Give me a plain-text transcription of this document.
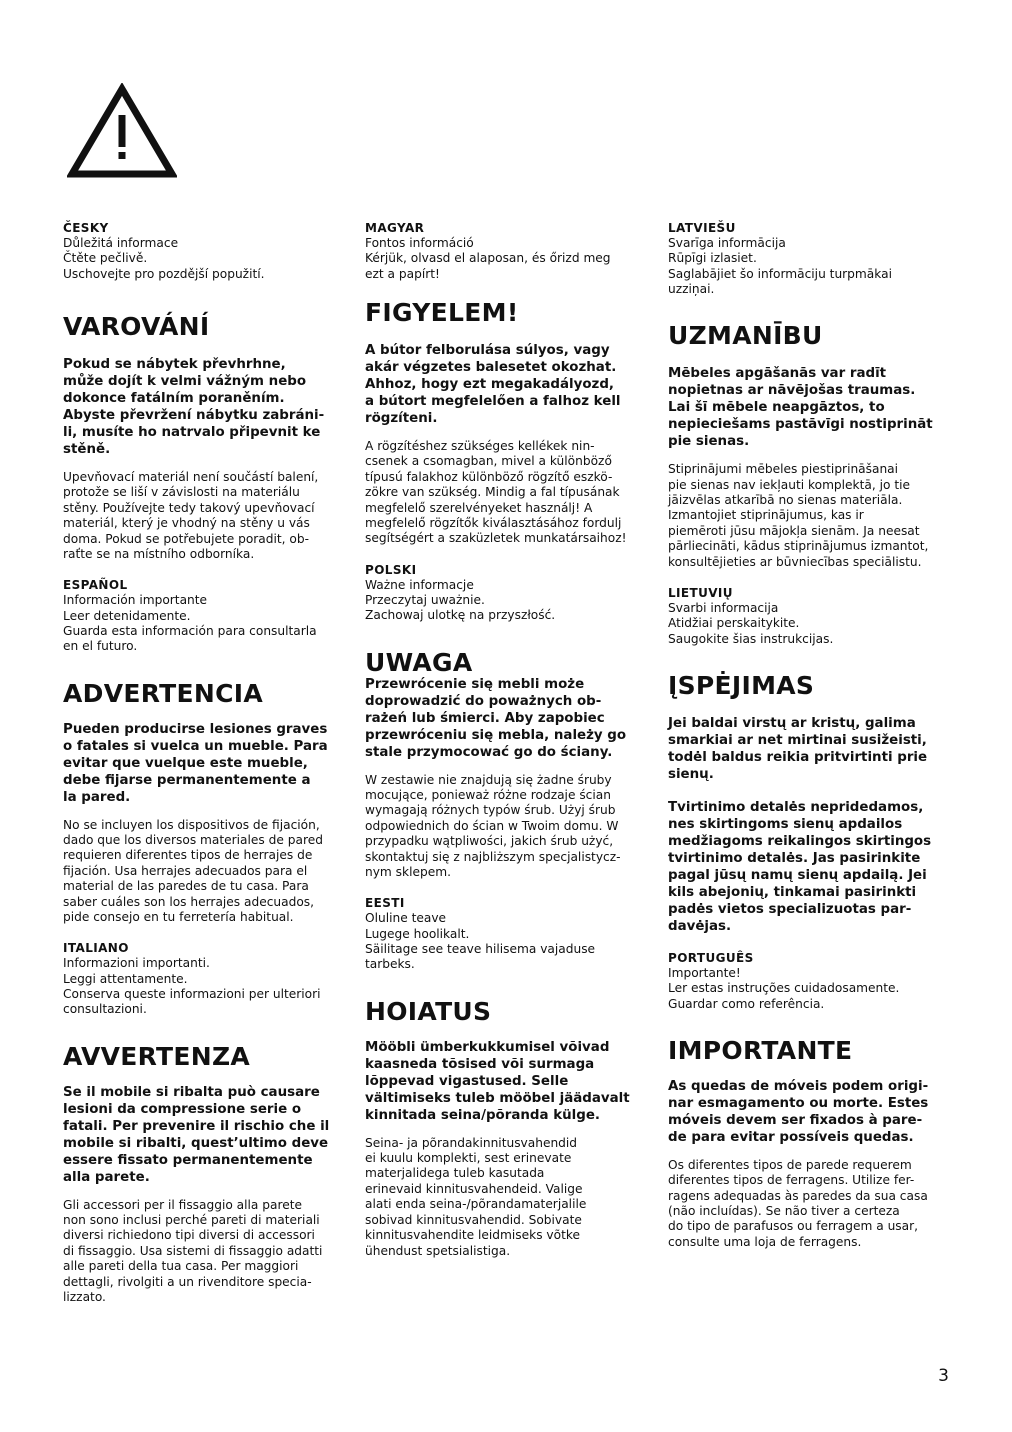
ČESKY
Důležitá informace
Čtěte pečlivě.
Uschovejte pro pozdější popužití.
VAROVÁNÍ
Pokud se nábytek převhrhne,
může dojít k velmi vážným nebo
dokonce fatálním poraněním.
Abyste převržení nábytku zabráni-
li, musíte ho natrvalo připevnit ke
stěně.
Upevňovací materiál není součástí balení,
protože se liší v závislosti na materiálu
stěny. Používejte tedy takový upevňovací
materiál, který je vhodný na stěny u vás
doma. Pokud se potřebujete poradit, ob-
raťte se na místního odborníka.
ESPAÑOL
Información importante
Leer detenidamente.
Guarda esta información para consultarla
en el futuro.
ADVERTENCIA
Pueden producirse lesiones graves
o fatales si vuelca un mueble. Para
evitar que vuelque este mueble,
debe fijarse permanentemente a
la pared.
No se incluyen los dispositivos de fijación,
dado que los diversos materiales de pared
requieren diferentes tipos de herrajes de
fijación. Usa herrajes adecuados para el
material de las paredes de tu casa. Para
saber cuáles son los herrajes adecuados,
pide consejo en tu ferretería habitual.
ITALIANO
Informazioni importanti.
Leggi attentamente.
Conserva queste informazioni per ulteriori
consultazioni.
AVVERTENZA
Se il mobile si ribalta può causare
lesioni da compressione serie o
fatali. Per prevenire il rischio che il
mobile si ribalti, quest’ultimo deve
essere fissato permanentemente
alla parete.
Gli accessori per il fissaggio alla parete
non sono inclusi perché pareti di materiali
diversi richiedono tipi diversi di accessori
di fissaggio. Usa sistemi di fissaggio adatti
alle pareti della tua casa. Per maggiori
dettagli, rivolgiti a un rivenditore specia-
lizzato.
MAGYAR
Fontos információ
Kérjük, olvasd el alaposan, és őrizd meg
ezt a papírt!
FIGYELEM!
A bútor felborulása súlyos, vagy
akár végzetes balesetet okozhat.
Ahhoz, hogy ezt megakadályozd,
a bútort megfelelően a falhoz kell
rögzíteni.
A rögzítéshez szükséges kellékek nin-
csenek a csomagban, mivel a különböző
típusú falakhoz különböző rögzítő eszkö-
zökre van szükség. Mindig a fal típusának
megfelelő szerelvényeket használj! A
megfelelő rögzítők kiválasztásához fordulj
segítségért a szaküzletek munkatársaihoz!
POLSKI
Ważne informacje
Przeczytaj uważnie.
Zachowaj ulotkę na przyszłość.
UWAGA
Przewrócenie się mebli może
doprowadzić do poważnych ob-
rażeń lub śmierci. Aby zapobiec
przewróceniu się mebla, należy go
stale przymocować go do ściany.
W zestawie nie znajdują się żadne śruby
mocujące, ponieważ różne rodzaje ścian
wymagają różnych typów śrub. Użyj śrub
odpowiednich do ścian w Twoim domu. W
przypadku wątpliwości, jakich śrub użyć,
skontaktuj się z najbliższym specjalistycz-
nym sklepem.
EESTI
Oluline teave
Lugege hoolikalt.
Säilitage see teave hilisema vajaduse
tarbeks.
HOIATUS
Mööbli ümberkukkumisel võivad
kaasneda tõsised või surmaga
lõppevad vigastused. Selle
vältimiseks tuleb mööbel jäädavalt
kinnitada seina/põranda külge.
Seina- ja põrandakinnitusvahendid
ei kuulu komplekti, sest erinevate
materjalidega tuleb kasutada
erinevaid kinnitusvahendeid. Valige
alati enda seina-/põrandamaterjalile
sobivad kinnitusvahendid. Sobivate
kinnitusvahendite leidmiseks võtke
ühendust spetsialistiga.
LATVIEŠU
Svarīga informācija
Rūpīgi izlasiet.
Saglabājiet šo informāciju turpmākai
uzziņai.
UZMANĪBU
Mēbeles apgāšanās var radīt
nopietnas ar nāvējošas traumas.
Lai šī mēbele neapgāztos, to
nepieciešams pastāvīgi nostiprināt
pie sienas.
Stiprinājumi mēbeles piestiprināšanai
pie sienas nav iekļauti komplektā, jo tie
jāizvēlas atkarībā no sienas materiāla.
Izmantojiet stiprinājumus, kas ir
piemēroti jūsu mājokļa sienām. Ja neesat
pārliecināti, kādus stiprinājumus izmantot,
konsultējieties ar būvniecības speciālistu.
LIETUVIŲ
Svarbi informacija
Atidžiai perskaitykite.
Saugokite šias instrukcijas.
ĮSPĖJIMAS
Jei baldai virstų ar kristų, galima
smarkiai ar net mirtinai susižeisti,
todėl baldus reikia pritvirtinti prie
sienų.
Tvirtinimo detalės nepridedamos,
nes skirtingoms sienų apdailos
medžiagoms reikalingos skirtingos
tvirtinimo detalės. Jas pasirinkite
pagal jūsų namų sienų apdailą. Jei
kils abejonių, tinkamai pasirinkti
padės vietos specializuotas par-
davėjas.
PORTUGUÊS
Importante!
Ler estas instruções cuidadosamente.
Guardar como referência.
IMPORTANTE
As quedas de móveis podem origi-
nar esmagamento ou morte. Estes
móveis devem ser fixados à pare-
de para evitar possíveis quedas.
Os diferentes tipos de parede requerem
diferentes tipos de ferragens. Utilize fer-
ragens adequadas às paredes da sua casa
(não incluídas). Se não tiver a certeza
do tipo de parafusos ou ferragem a usar,
consulte uma loja de ferragens.
3
